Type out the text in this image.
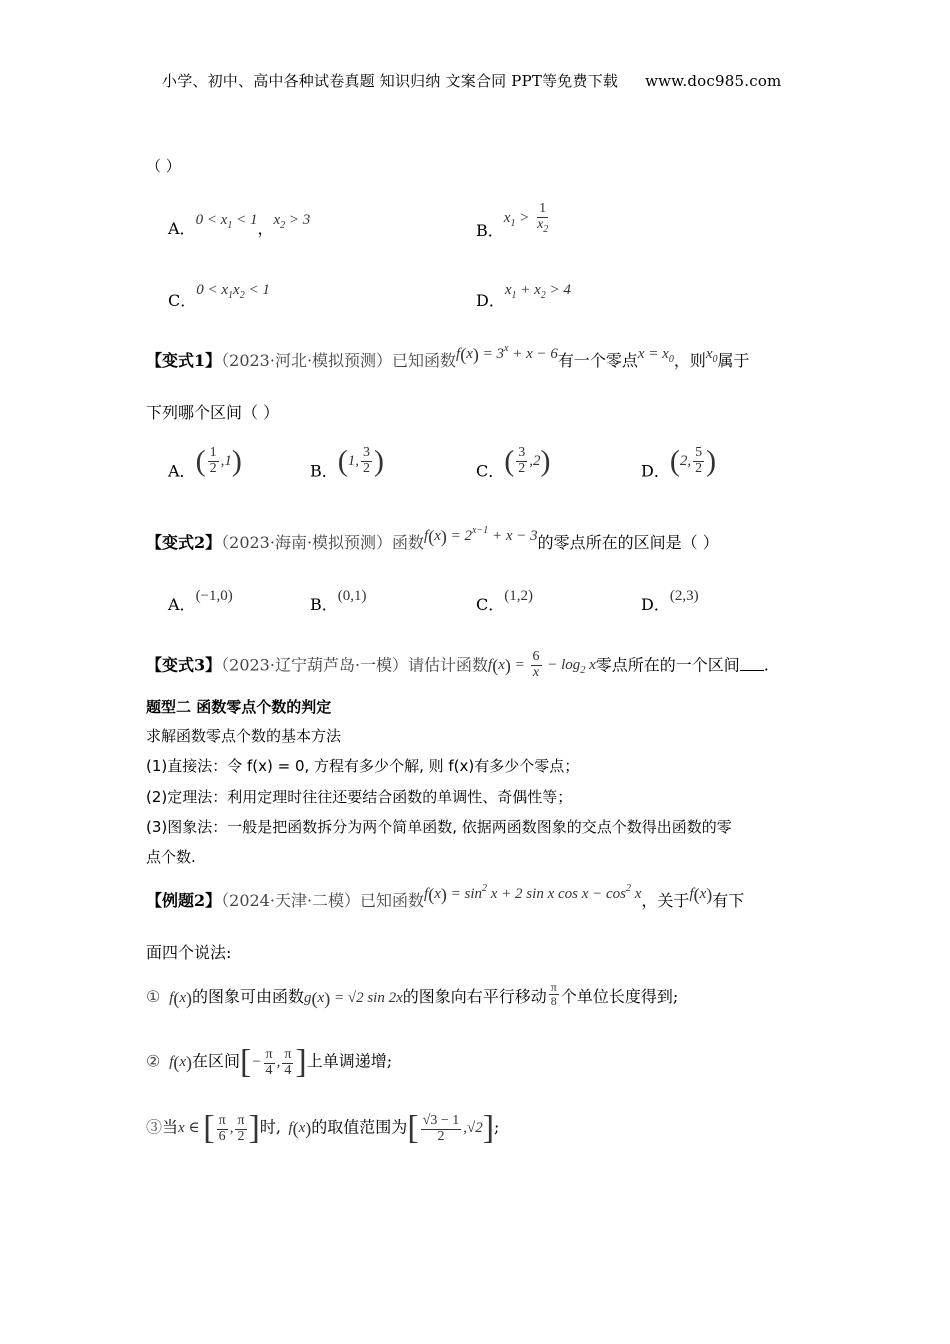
小学、初中、高中各种试卷真题 知识归纳 文案合同 PPT等免费下载 www.doc985.com
（ ）
A．$0 < x_1 < 1$，$x_2 > 3$
B．$x_1 > \frac{1}{x_2}$
C．$0 < x_1x_2 < 1$
D．$x_1 + x_2 > 4$
【变式1】（2023·河北·模拟预测）已知函数$f(x) = 3^x + x - 6$有一个零点$x = x_0$，则$x_0$属于
下列哪个区间（ ）
A．( $\frac{1}{2} ,1$)	B．(1, $\frac{3}{2}$ )	C．( $\frac{3}{2} ,2$)	D．(2, $\frac{5}{2}$ )
【变式2】（2023·海南·模拟预测）函数$f(x) = 2^{x-1} + x - 3$的零点所在的区间是（ ）
A．(−1,0)	B．(0,1)	C．(1,2)	D．(2,3)
【变式3】（2023·辽宁葫芦岛·一模）请估计函数$f(x) = \frac{6}{x} - \log_2 x$零点所在的一个区间 .
题型二 函数零点个数的判定
求解函数零点个数的基本方法
(1)直接法：令 f(x) = 0, 方程有多少个解, 则 f(x)有多少个零点；
(2)定理法：利用定理时往往还要结合函数的单调性、奇偶性等；
(3)图象法：一般是把函数拆分为两个简单函数, 依据两函数图象的交点个数得出函数的零
点个数.
【例题2】（2024·天津·二模）已知函数$f(x) = \sin^2 x + 2$ sin x $\cos x - \cos^2 x$，关于f(x)有下
面四个说法:
① f(x)的图象可由函数g(x) = √2 sin 2x的图象向右平行移动 $\frac{\pi}{8}$ 个单位长度得到;
② f(x)在区间[− $\frac{\pi}{4}$ , $\frac{\pi}{4}$ ]上单调递增;
③当x ∈ [ $\frac{\pi}{6}$ , $\frac{\pi}{2}$ ]时,  f(x)的取值范围为[ $\frac{√3 - 1}{2} ,√2$];
